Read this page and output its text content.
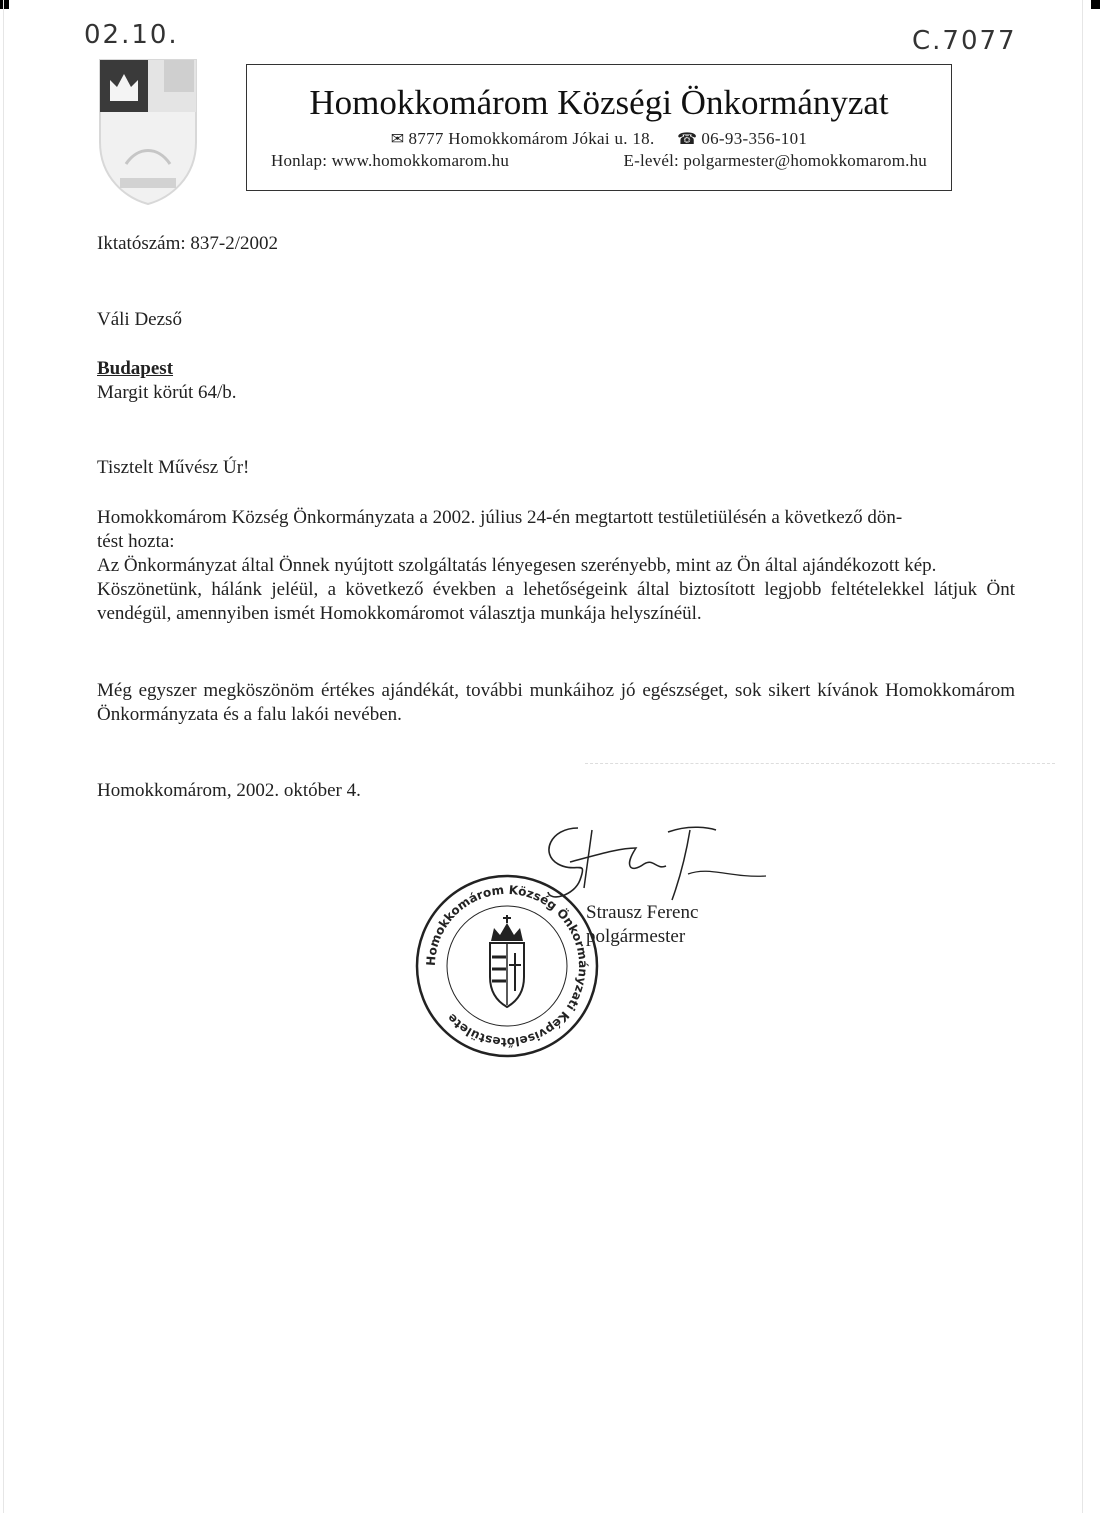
02.10.	C.7077
Homokkomárom Községi Önkormányzat
✉ 8777 Homokkomárom Jókai u. 18. ☎ 06-93-356-101
Honlap: www.homokkomarom.hu	E-levél: polgarmester@homokkomarom.hu
Iktatószám: 837-2/2002
Váli Dezső
Budapest
Margit körút 64/b.
Tisztelt Művész Úr!

Homokkomárom Község Önkormányzata a 2002. július 24-én megtartott testületiülésén a következő dön-

tést hozta:

Az Önkormányzat által Önnek nyújtott szolgáltatás lényegesen szerényebb, mint az Ön által ajándékozott kép.

Köszönetünk, hálánk jeléül, a következő években a lehetőségeink által biztosított legjobb feltételekkel látjuk Önt vendégül, amennyiben ismét Homokkomáromot választja munkája helyszínéül.

Még egyszer megköszönöm értékes ajándékát, további munkáihoz jó egészséget, sok sikert kívánok Homokkomárom Önkormányzata és a falu lakói nevében.
Homokkomárom, 2002. október 4.
Homokkomárom Község Önkormányzati Képviselőtestülete
Strausz Ferenc
polgármester
